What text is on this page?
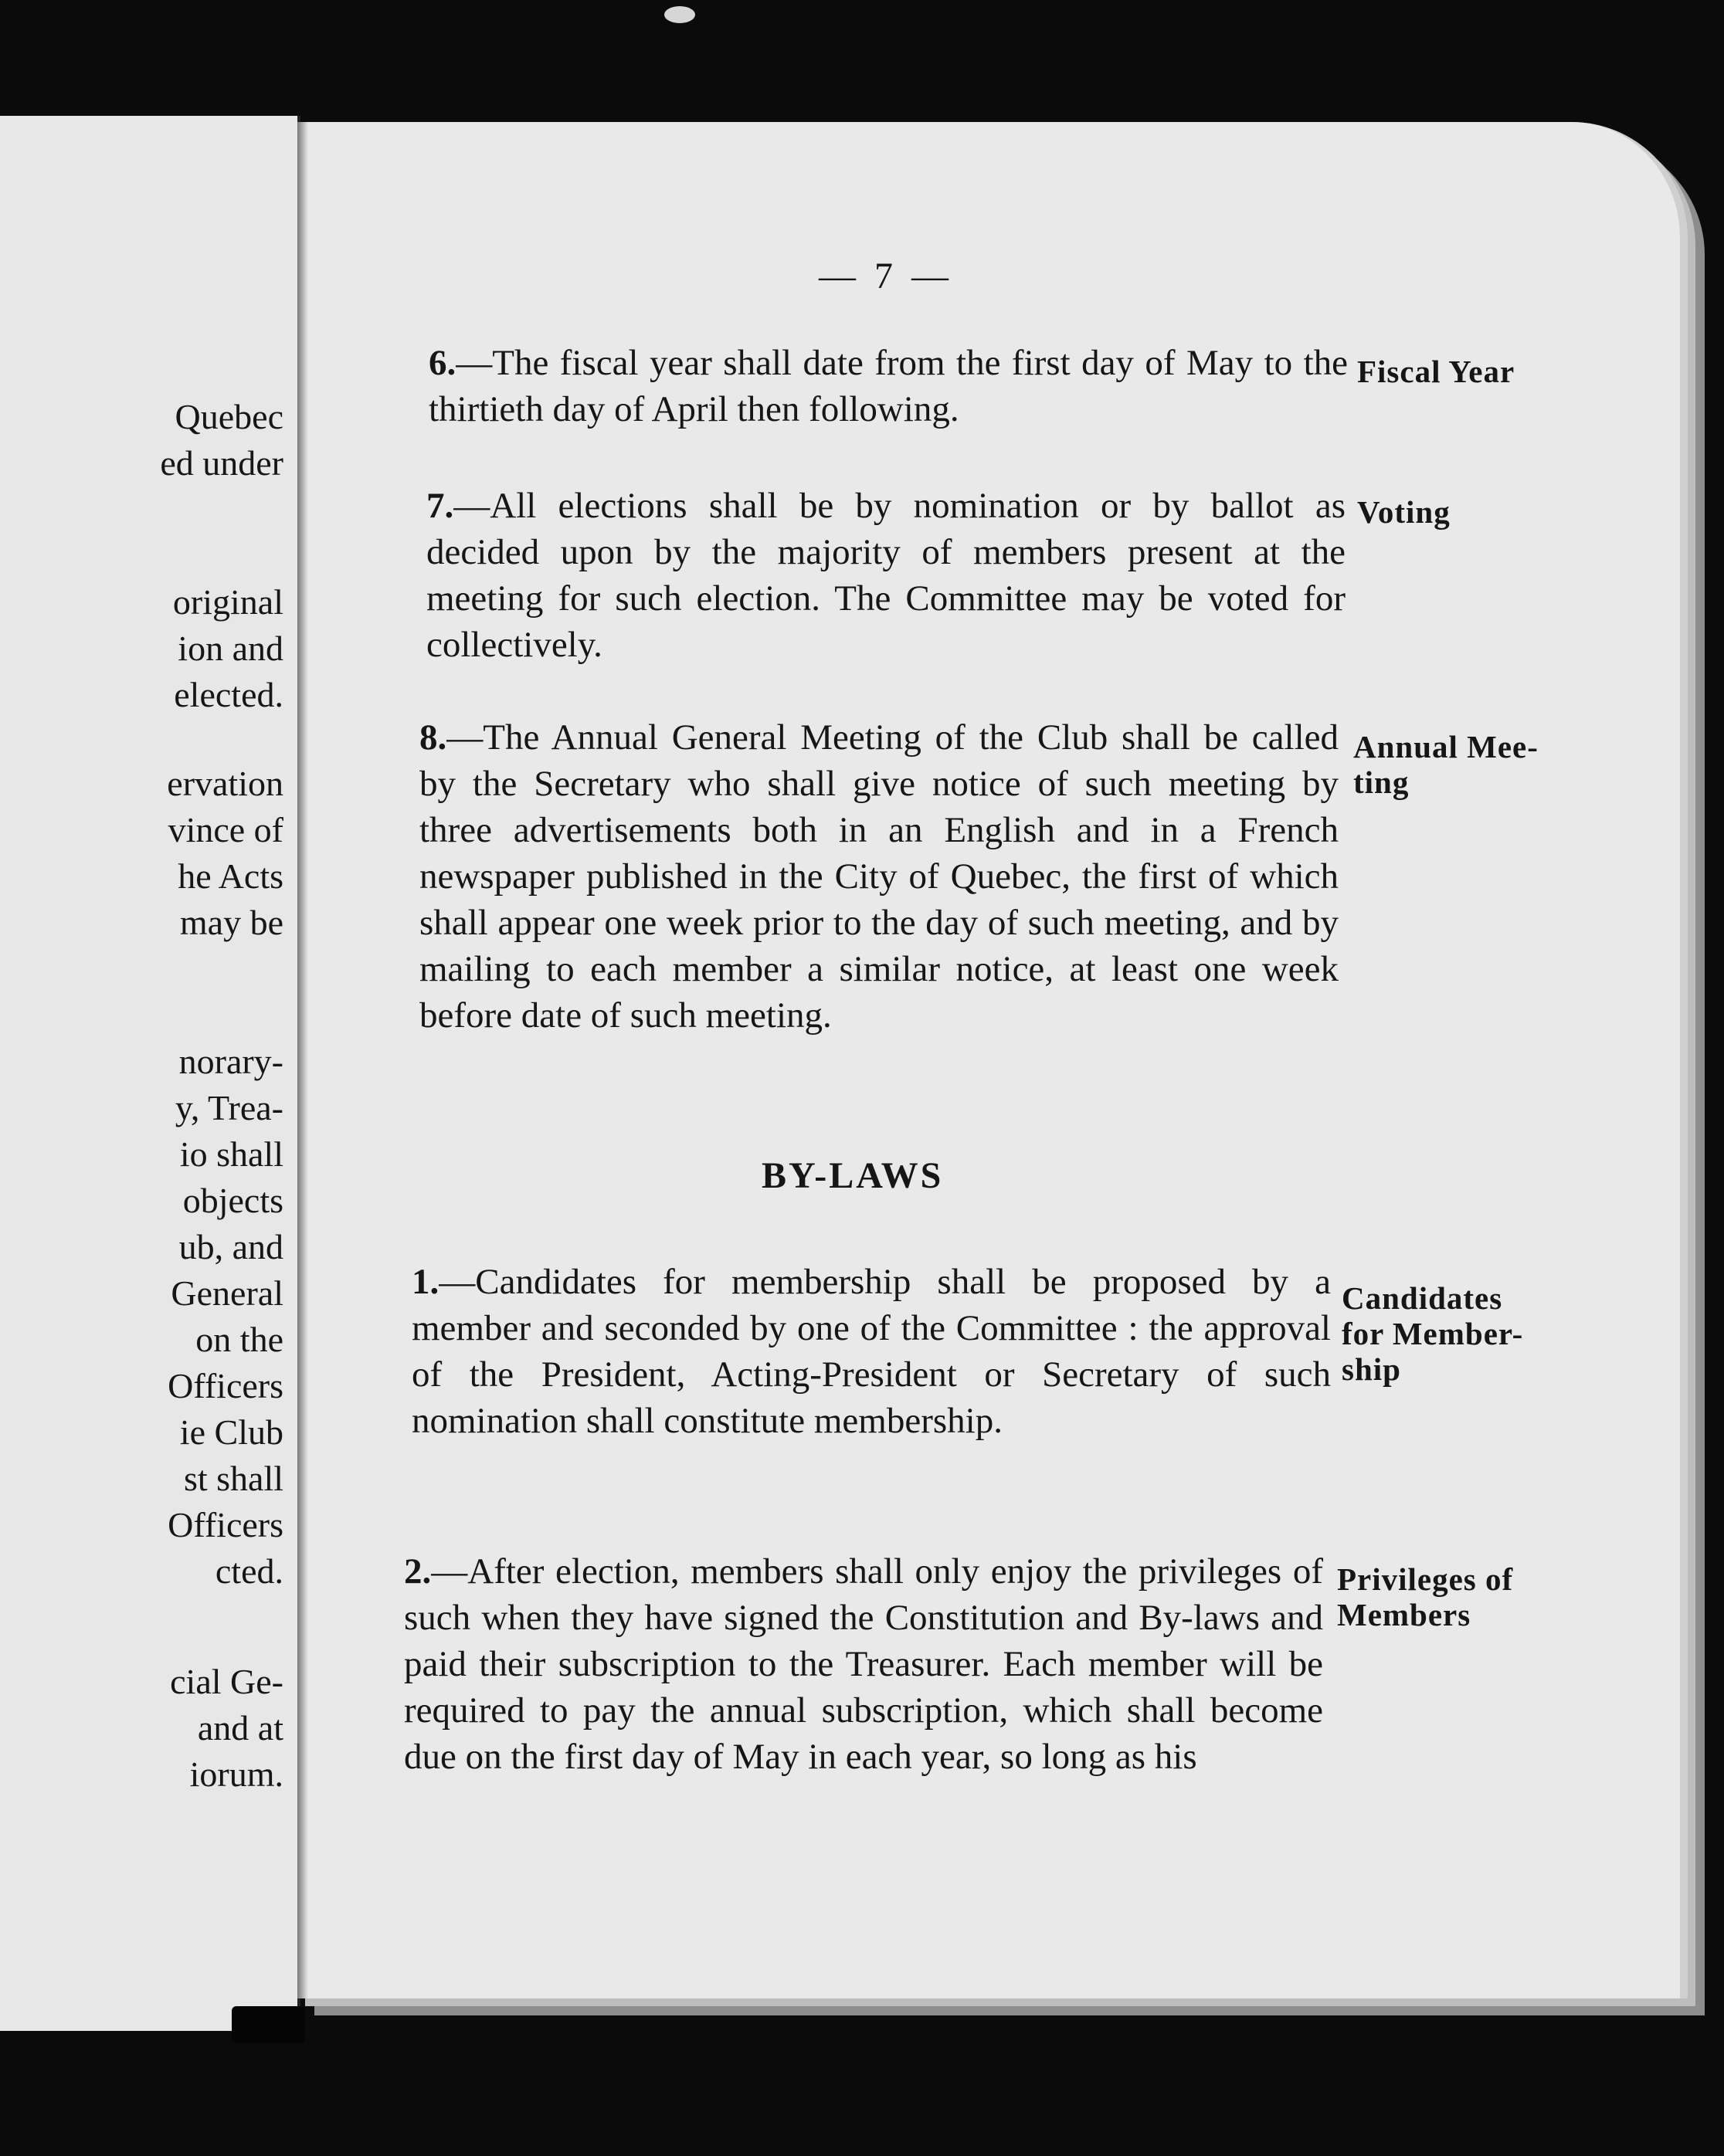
Quebec
ed under
original
ion and
elected.
ervation
vince of
he Acts
may be
norary-
y, Trea-
io shall
objects
ub, and
General
on the
Officers
ie Club
st shall
Officers
cted.
cial Ge-
and at
iorum.
— 7 —

6.—The fiscal year shall date from the first day of May to the thirtieth day of April then following.

Fiscal Year

7.—All elections shall be by nomination or by ballot as decided upon by the majority of members present at the meeting for such election. The Committee may be voted for collectively.

Voting

8.—The Annual General Meeting of the Club shall be called by the Secretary who shall give notice of such meeting by three advertisements both in an English and in a French newspaper published in the City of Quebec, the first of which shall appear one week prior to the day of such meeting, and by mailing to each member a similar notice, at least one week before date of such meeting.

Annual Mee-
ting
BY-LAWS

1.—Candidates for membership shall be proposed by a member and seconded by one of the Committee : the approval of the President, Acting-President or Secretary of such nomination shall constitute membership.

Candidates
for Member-
ship

2.—After election, members shall only enjoy the privileges of such when they have signed the Constitution and By-laws and paid their subscription to the Treasurer. Each member will be required to pay the annual subscription, which shall become due on the first day of May in each year, so long as his

Privileges of
Members
